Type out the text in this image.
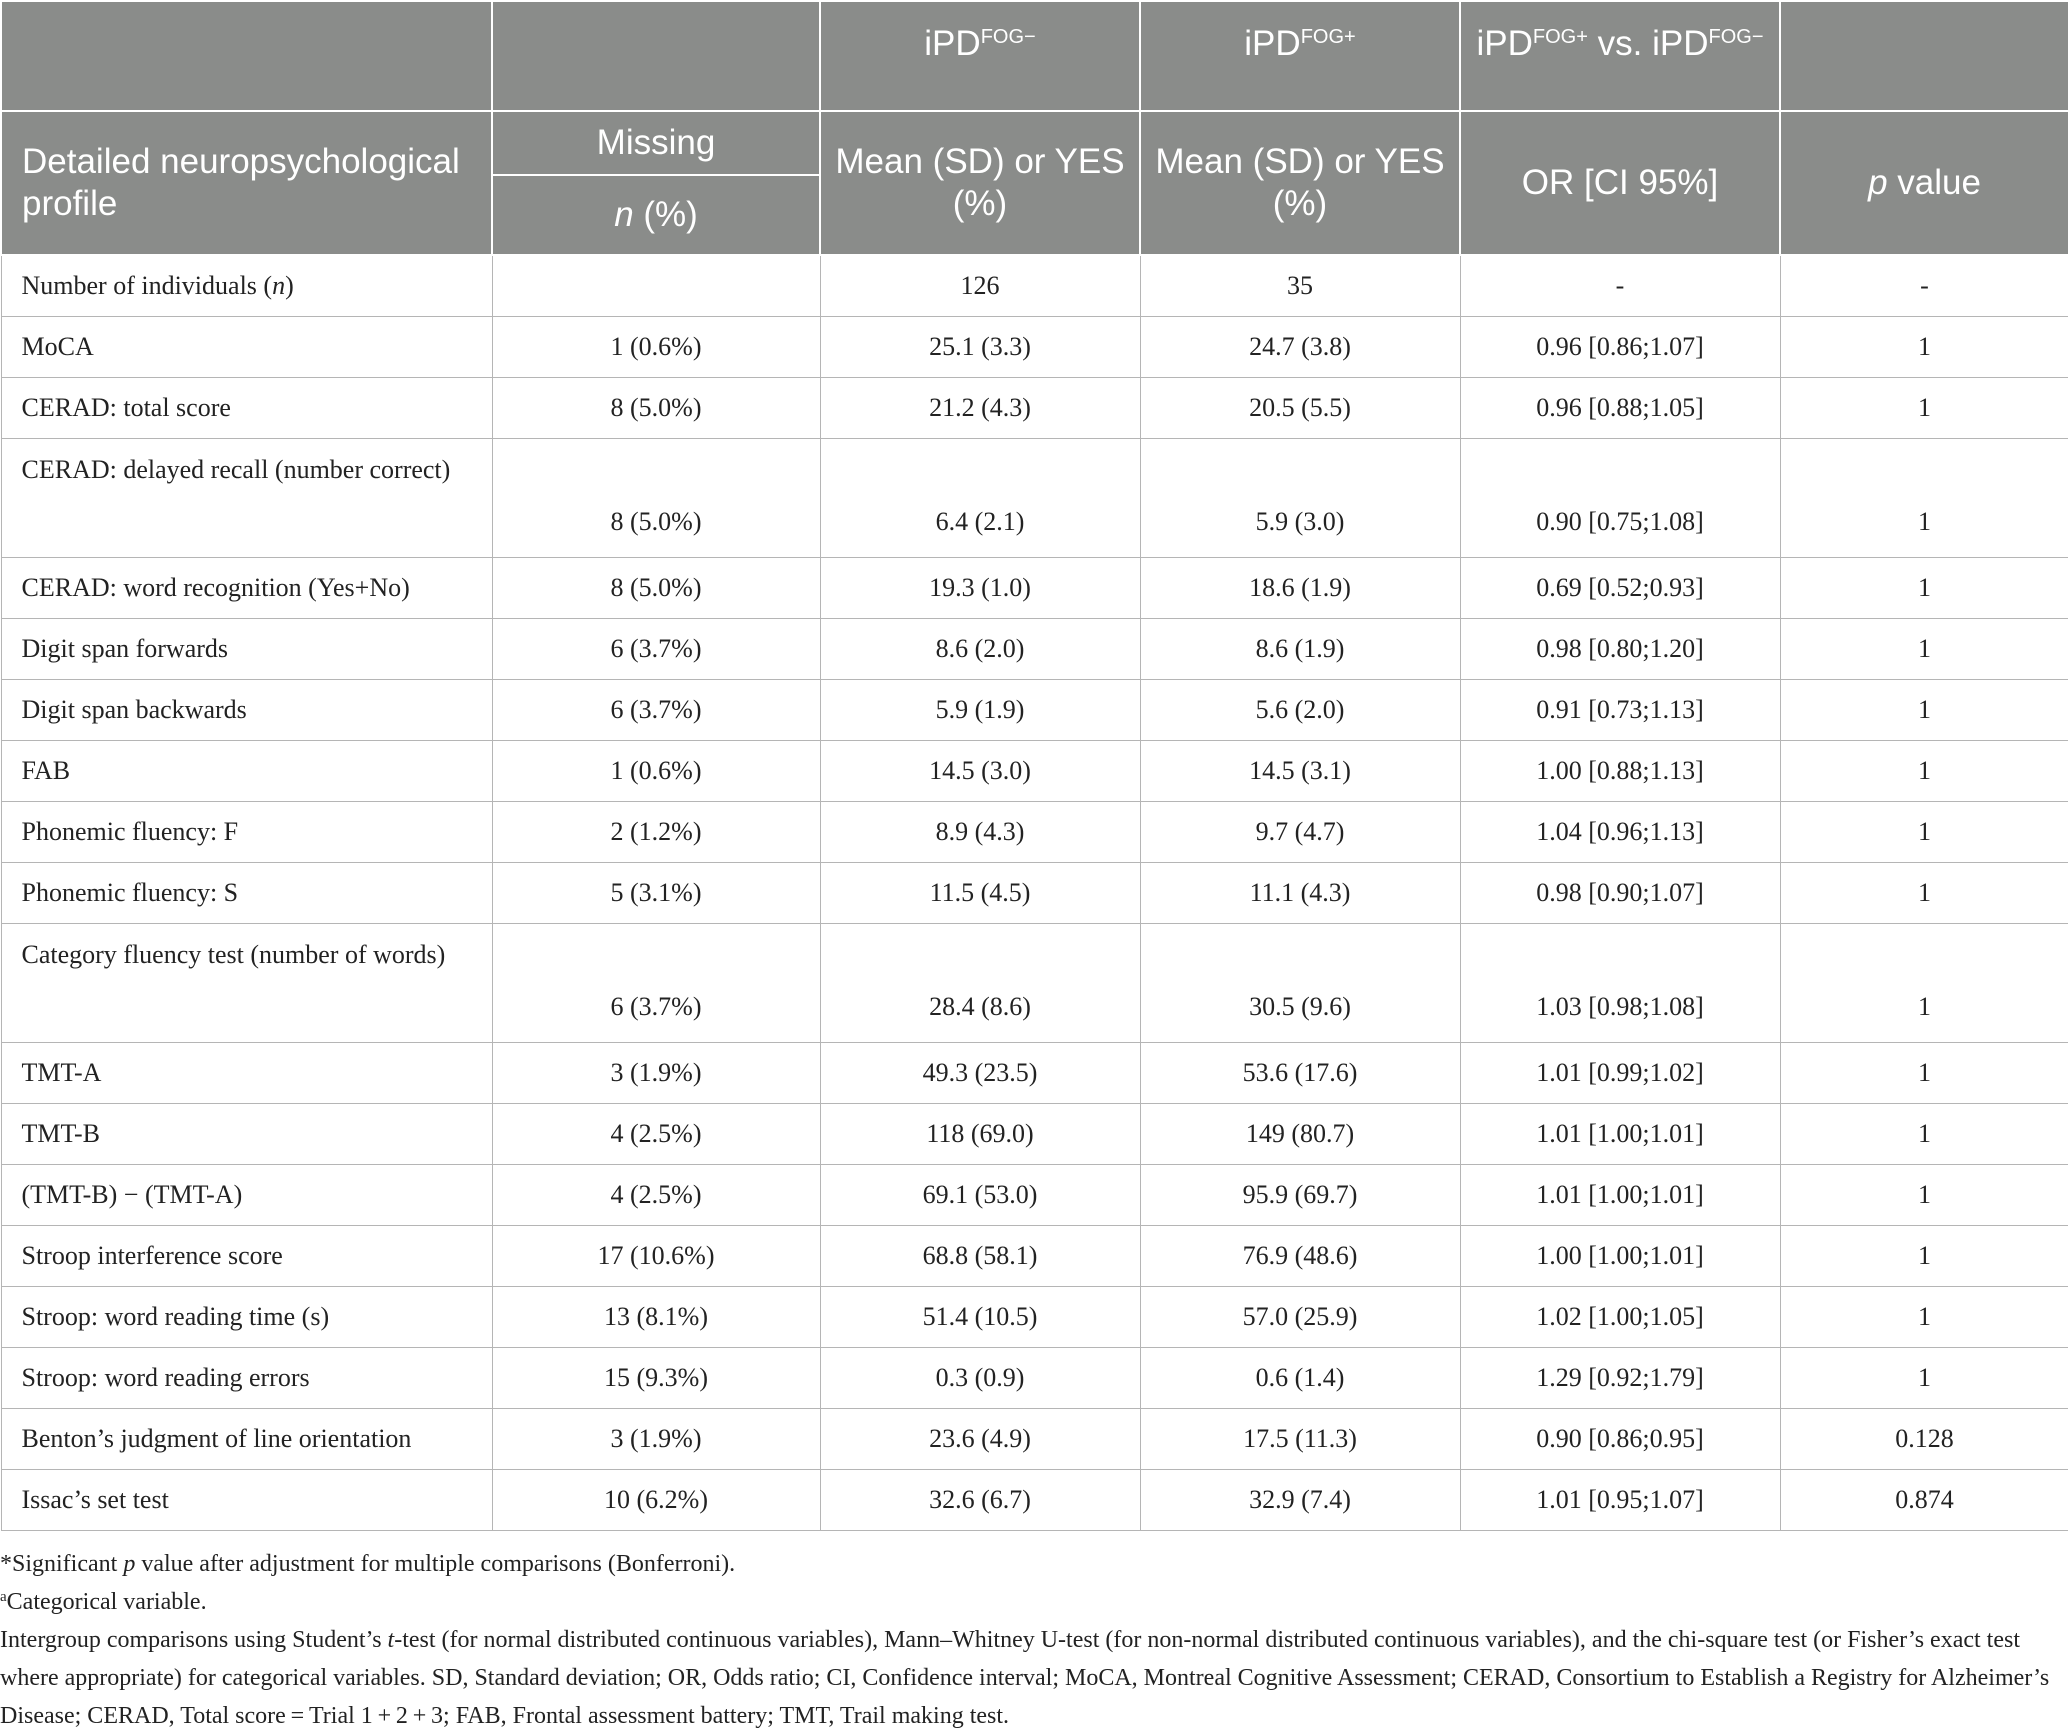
		iPD$^{FOG-}$	iPD$^{FOG+}$	iPD$^{FOG+}$ vs. iPD$^{FOG-}$

Detailed neuropsychological profile	Missing	Mean (SD) or YES (%)	Mean (SD) or YES (%)	OR [CI 95%]	p value
	n (%)				
Number of individuals (n)		126	35	-	-
MoCA	1 (0.6%)	25.1 (3.3)	24.7 (3.8)	0.96 [0.86;1.07]	1
CERAD: total score	8 (5.0%)	21.2 (4.3)	20.5 (5.5)	0.96 [0.88;1.05]	1
CERAD: delayed recall (number correct)	8 (5.0%)	6.4 (2.1)	5.9 (3.0)	0.90 [0.75;1.08]	1
CERAD: word recognition (Yes+No)	8 (5.0%)	19.3 (1.0)	18.6 (1.9)	0.69 [0.52;0.93]	1
Digit span forwards	6 (3.7%)	8.6 (2.0)	8.6 (1.9)	0.98 [0.80;1.20]	1
Digit span backwards	6 (3.7%)	5.9 (1.9)	5.6 (2.0)	0.91 [0.73;1.13]	1
FAB	1 (0.6%)	14.5 (3.0)	14.5 (3.1)	1.00 [0.88;1.13]	1
Phonemic fluency: F	2 (1.2%)	8.9 (4.3)	9.7 (4.7)	1.04 [0.96;1.13]	1
Phonemic fluency: S	5 (3.1%)	11.5 (4.5)	11.1 (4.3)	0.98 [0.90;1.07]	1
Category fluency test (number of words)	6 (3.7%)	28.4 (8.6)	30.5 (9.6)	1.03 [0.98;1.08]	1
TMT-A	3 (1.9%)	49.3 (23.5)	53.6 (17.6)	1.01 [0.99;1.02]	1
TMT-B	4 (2.5%)	118 (69.0)	149 (80.7)	1.01 [1.00;1.01]	1
(TMT-B) − (TMT-A)	4 (2.5%)	69.1 (53.0)	95.9 (69.7)	1.01 [1.00;1.01]	1
Stroop interference score	17 (10.6%)	68.8 (58.1)	76.9 (48.6)	1.00 [1.00;1.01]	1
Stroop: word reading time (s)	13 (8.1%)	51.4 (10.5)	57.0 (25.9)	1.02 [1.00;1.05]	1
Stroop: word reading errors	15 (9.3%)	0.3 (0.9)	0.6 (1.4)	1.29 [0.92;1.79]	1
Benton’s judgment of line orientation	3 (1.9%)	23.6 (4.9)	17.5 (11.3)	0.90 [0.86;0.95]	0.128
Issac’s set test	10 (6.2%)	32.6 (6.7)	32.9 (7.4)	1.01 [0.95;1.07]	0.874

*Significant p value after adjustment for multiple comparisons (Bonferroni).

$^a$Categorical variable.

Intergroup comparisons using Student’s t-test (for normal distributed continuous variables), Mann–Whitney U-test (for non-normal distributed continuous variables), and the chi-square test (or Fisher’s exact test where appropriate) for categorical variables. SD, Standard deviation; OR, Odds ratio; CI, Confidence interval; MoCA, Montreal Cognitive Assessment; CERAD, Consortium to Establish a Registry for Alzheimer’s Disease; CERAD, Total score = Trial 1 + 2 + 3; FAB, Frontal assessment battery; TMT, Trail making test.
